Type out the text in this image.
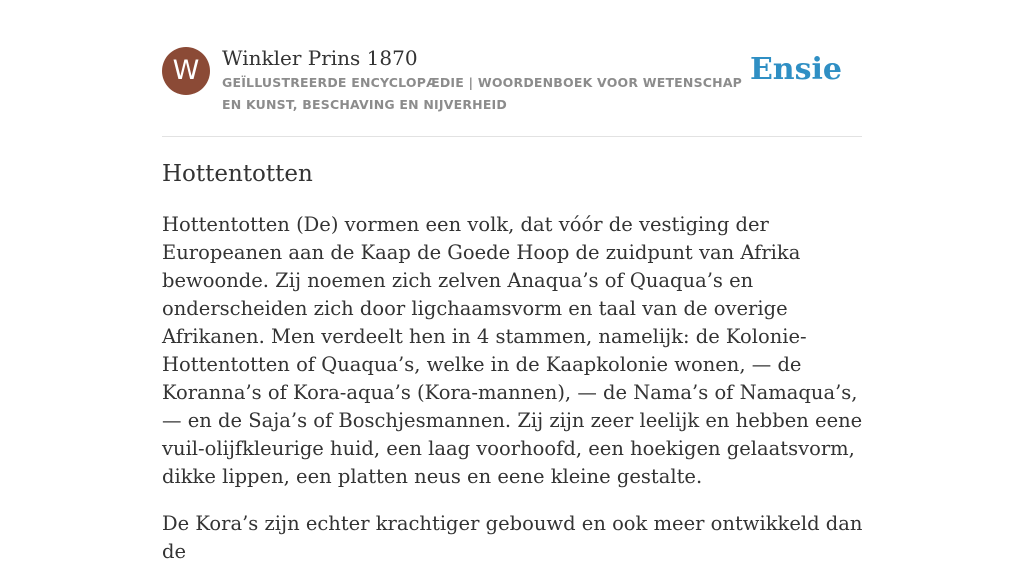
W	Winkler Prins 1870
GEÏLLUSTREERDE ENCYCLOPÆDIE | WOORDENBOEK VOOR WETENSCHAP EN KUNST, BESCHAVING EN NIJVERHEID
Ensie
Hottentotten

Hottentotten (De) vormen een volk, dat vóór de vestiging der Europeanen aan de Kaap de Goede Hoop de zuidpunt van Afrika bewoonde. Zij noemen zich zelven Anaqua’s of Quaqua’s en onderscheiden zich door ligchaamsvorm en taal van de overige Afrikanen. Men verdeelt hen in 4 stammen, namelijk: de Kolonie-Hottentotten of Quaqua’s, welke in de Kaapkolonie wonen, — de Koranna’s of Kora-aqua’s (Kora-mannen), — de Nama’s of Namaqua’s, — en de Saja’s of Boschjesmannen. Zij zijn zeer leelijk en hebben eene vuil-olijfkleurige huid, een laag voorhoofd, een hoekigen gelaatsvorm, dikke lippen, een platten neus en eene kleine gestalte.

De Kora’s zijn echter krachtiger gebouwd en ook meer ontwikkeld dan de
